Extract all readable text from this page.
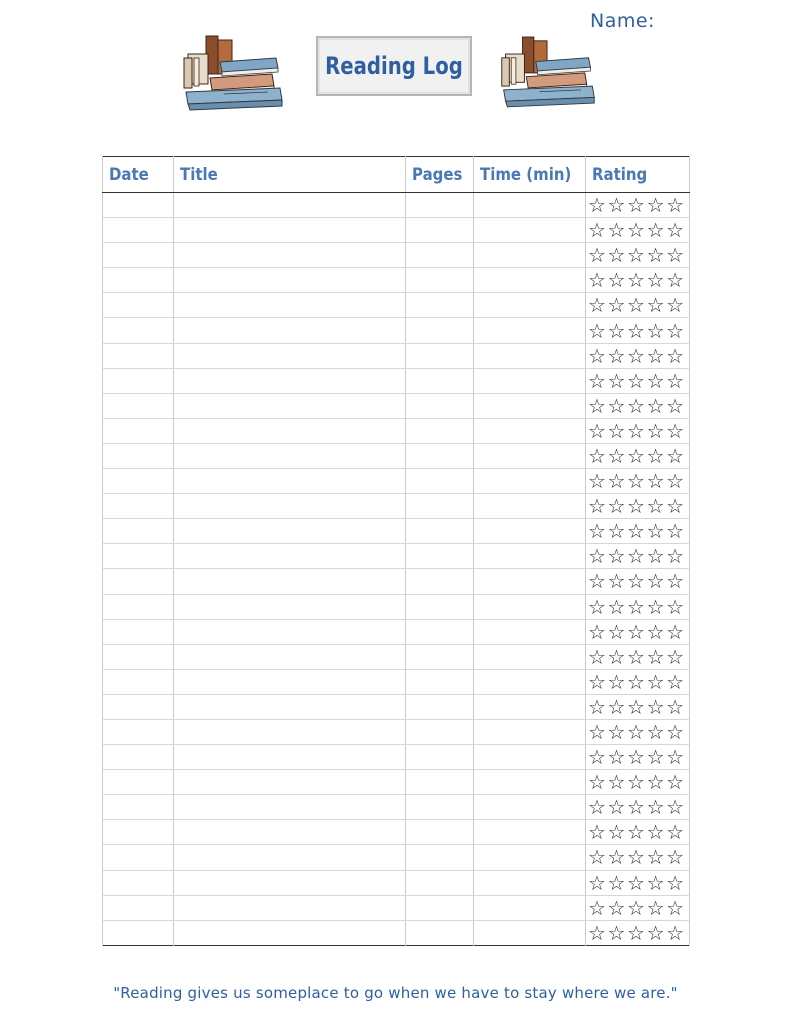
Name:
Reading Log
Date	Title	Pages	Time (min)	Rating
				☆☆☆☆☆
				☆☆☆☆☆
				☆☆☆☆☆
				☆☆☆☆☆
				☆☆☆☆☆
				☆☆☆☆☆
				☆☆☆☆☆
				☆☆☆☆☆
				☆☆☆☆☆
				☆☆☆☆☆
				☆☆☆☆☆
				☆☆☆☆☆
				☆☆☆☆☆
				☆☆☆☆☆
				☆☆☆☆☆
				☆☆☆☆☆
				☆☆☆☆☆
				☆☆☆☆☆
				☆☆☆☆☆
				☆☆☆☆☆
				☆☆☆☆☆
				☆☆☆☆☆
				☆☆☆☆☆
				☆☆☆☆☆
				☆☆☆☆☆
				☆☆☆☆☆
				☆☆☆☆☆
				☆☆☆☆☆
				☆☆☆☆☆
				☆☆☆☆☆
"Reading gives us someplace to go when we have to stay where we are."
